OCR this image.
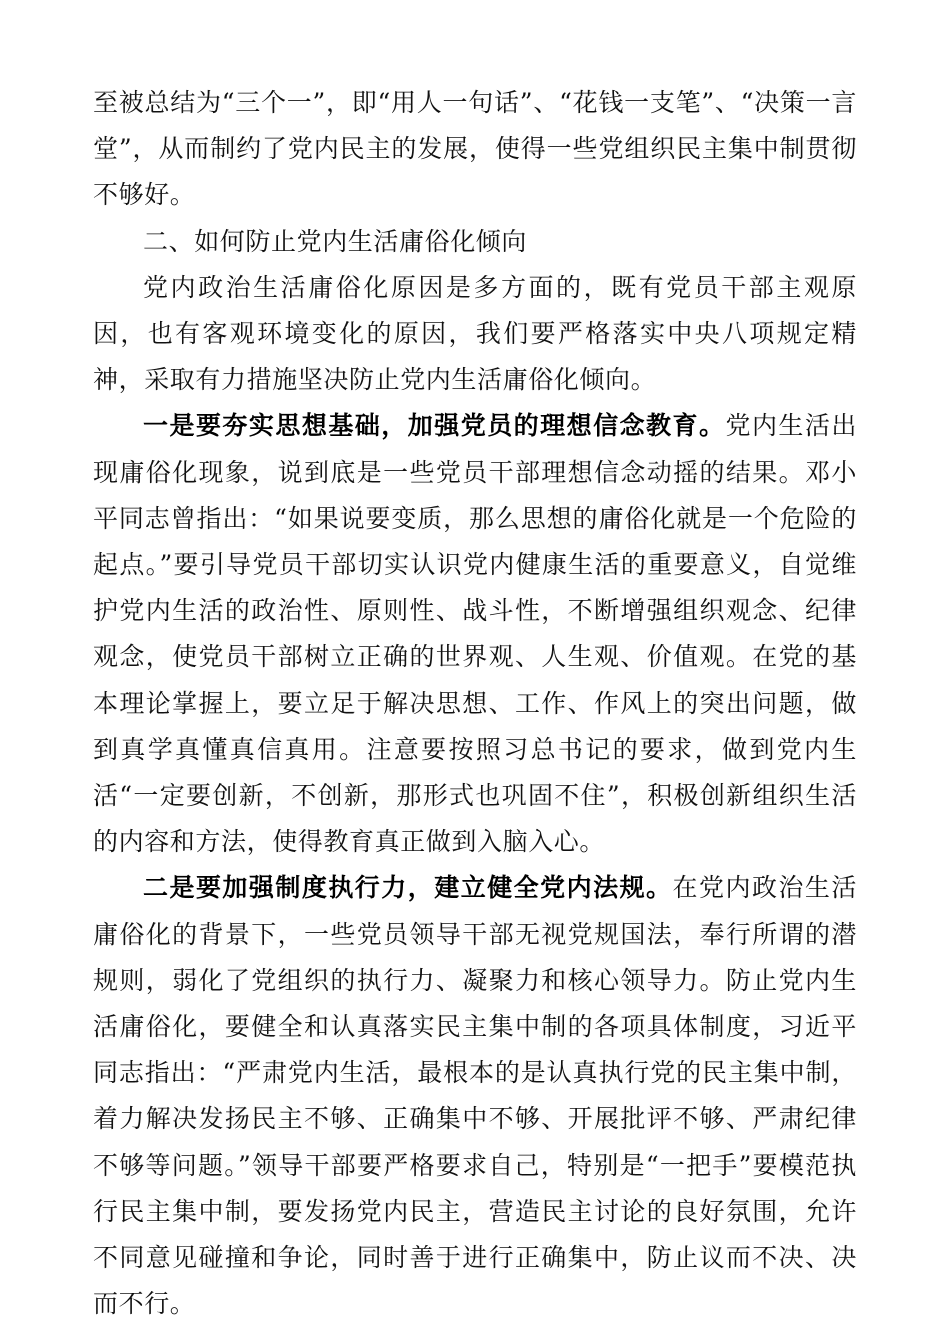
至被总结为“三个一”，即“用人一句话”、“花钱一支笔”、“决策一言堂”，从而制约了党内民主的发展，使得一些党组织民主集中制贯彻不够好。

二、如何防止党内生活庸俗化倾向

党内政治生活庸俗化原因是多方面的，既有党员干部主观原因，也有客观环境变化的原因，我们要严格落实中央八项规定精神，采取有力措施坚决防止党内生活庸俗化倾向。

一是要夯实思想基础，加强党员的理想信念教育。党内生活出现庸俗化现象，说到底是一些党员干部理想信念动摇的结果。邓小平同志曾指出：“如果说要变质，那么思想的庸俗化就是一个危险的起点。”要引导党员干部切实认识党内健康生活的重要意义，自觉维护党内生活的政治性、原则性、战斗性，不断增强组织观念、纪律观念，使党员干部树立正确的世界观、人生观、价值观。在党的基本理论掌握上，要立足于解决思想、工作、作风上的突出问题，做到真学真懂真信真用。注意要按照习总书记的要求，做到党内生活“一定要创新，不创新，那形式也巩固不住”，积极创新组织生活的内容和方法，使得教育真正做到入脑入心。

二是要加强制度执行力，建立健全党内法规。在党内政治生活庸俗化的背景下，一些党员领导干部无视党规国法，奉行所谓的潜规则，弱化了党组织的执行力、凝聚力和核心领导力。防止党内生活庸俗化，要健全和认真落实民主集中制的各项具体制度，习近平同志指出：“严肃党内生活，最根本的是认真执行党的民主集中制，着力解决发扬民主不够、正确集中不够、开展批评不够、严肃纪律不够等问题。”领导干部要严格要求自己，特别是“一把手”要模范执行民主集中制，要发扬党内民主，营造民主讨论的良好氛围，允许不同意见碰撞和争论，同时善于进行正确集中，防止议而不决、决而不行。
